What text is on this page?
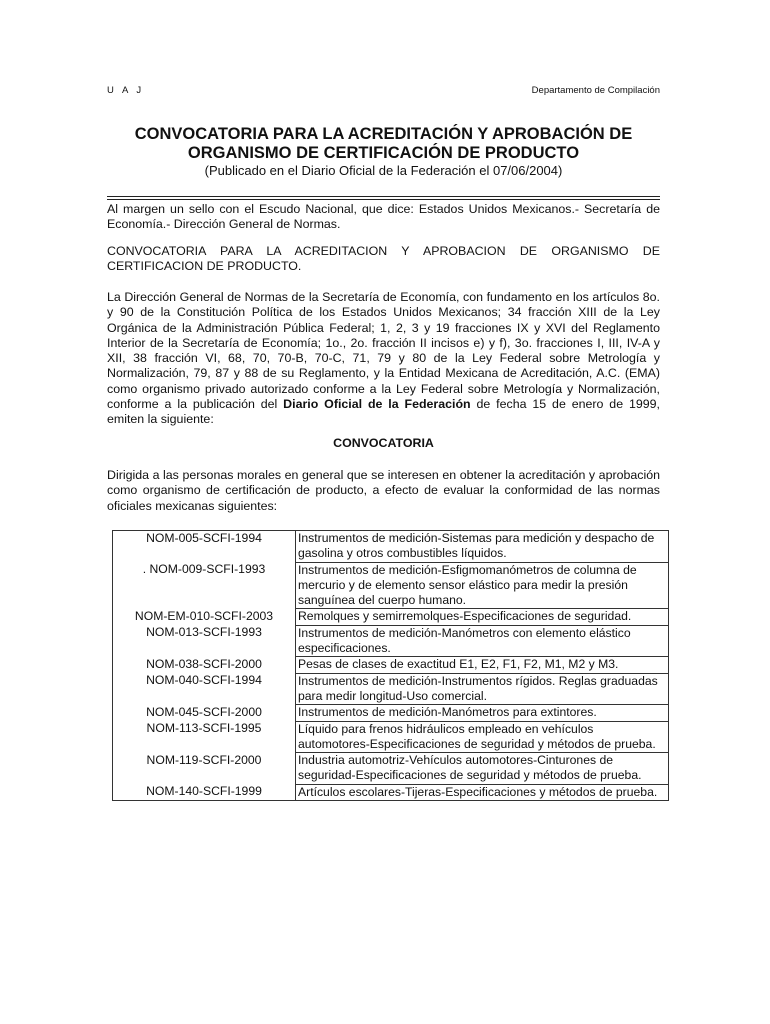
U A J	Departamento de Compilación
CONVOCATORIA PARA LA ACREDITACIÓN Y APROBACIÓN DE
ORGANISMO DE CERTIFICACIÓN DE PRODUCTO
(Publicado en el Diario Oficial de la Federación el 07/06/2004)
Al margen un sello con el Escudo Nacional, que dice: Estados Unidos Mexicanos.- Secretaría de Economía.- Dirección General de Normas.
CONVOCATORIA PARA LA ACREDITACION Y APROBACION DE ORGANISMO DE CERTIFICACION DE PRODUCTO.
La Dirección General de Normas de la Secretaría de Economía, con fundamento en los artículos 8o. y 90 de la Constitución Política de los Estados Unidos Mexicanos; 34 fracción XIII de la Ley Orgánica de la Administración Pública Federal; 1, 2, 3 y 19 fracciones IX y XVI del Reglamento Interior de la Secretaría de Economía; 1o., 2o. fracción II incisos e) y f), 3o. fracciones I, III, IV-A y XII, 38 fracción VI, 68, 70, 70-B, 70-C, 71, 79 y 80 de la Ley Federal sobre Metrología y Normalización, 79, 87 y 88 de su Reglamento, y la Entidad Mexicana de Acreditación, A.C. (EMA) como organismo privado autorizado conforme a la Ley Federal sobre Metrología y Normalización, conforme a la publicación del Diario Oficial de la Federación de fecha 15 de enero de 1999, emiten la siguiente:
CONVOCATORIA
Dirigida a las personas morales en general que se interesen en obtener la acreditación y aprobación como organismo de certificación de producto, a efecto de evaluar la conformidad de las normas oficiales mexicanas siguientes:
NOM-005-SCFI-1994	Instrumentos de medición-Sistemas para medición y despacho de gasolina y otros combustibles líquidos.
. NOM-009-SCFI-1993	Instrumentos de medición-Esfigmomanómetros de columna de mercurio y de elemento sensor elástico para medir la presión sanguínea del cuerpo humano.
NOM-EM-010-SCFI-2003	Remolques y semirremolques-Especificaciones de seguridad.
NOM-013-SCFI-1993	Instrumentos de medición-Manómetros con elemento elástico especificaciones.
NOM-038-SCFI-2000	Pesas de clases de exactitud E1, E2, F1, F2, M1, M2 y M3.
NOM-040-SCFI-1994	Instrumentos de medición-Instrumentos rígidos. Reglas graduadas para medir longitud-Uso comercial.
NOM-045-SCFI-2000	Instrumentos de medición-Manómetros para extintores.
NOM-113-SCFI-1995	Líquido para frenos hidráulicos empleado en vehículos automotores-Especificaciones de seguridad y métodos de prueba.
NOM-119-SCFI-2000	Industria automotriz-Vehículos automotores-Cinturones de seguridad-Especificaciones de seguridad y métodos de prueba.
NOM-140-SCFI-1999	Artículos escolares-Tijeras-Especificaciones y métodos de prueba.
